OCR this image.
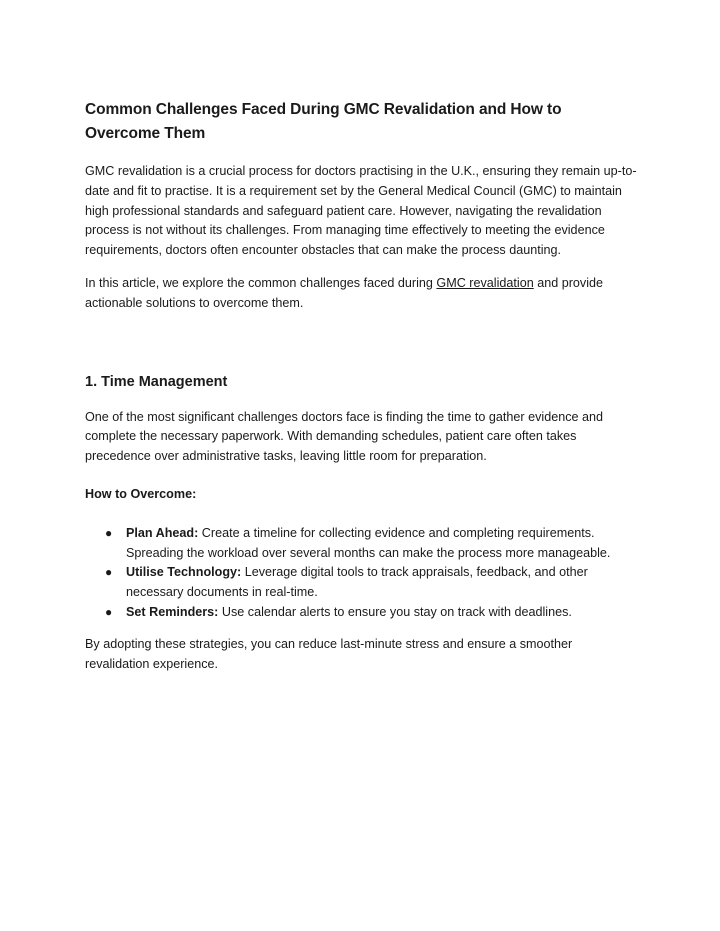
Common Challenges Faced During GMC Revalidation and How to Overcome Them

GMC revalidation is a crucial process for doctors practising in the U.K., ensuring they remain up-to-date and fit to practise. It is a requirement set by the General Medical Council (GMC) to maintain high professional standards and safeguard patient care. However, navigating the revalidation process is not without its challenges. From managing time effectively to meeting the evidence requirements, doctors often encounter obstacles that can make the process daunting.

In this article, we explore the common challenges faced during GMC revalidation and provide actionable solutions to overcome them.

1. Time Management

One of the most significant challenges doctors face is finding the time to gather evidence and complete the necessary paperwork. With demanding schedules, patient care often takes precedence over administrative tasks, leaving little room for preparation.

How to Overcome:

● Plan Ahead: Create a timeline for collecting evidence and completing requirements. Spreading the workload over several months can make the process more manageable.
● Utilise Technology: Leverage digital tools to track appraisals, feedback, and other necessary documents in real-time.
● Set Reminders: Use calendar alerts to ensure you stay on track with deadlines.

By adopting these strategies, you can reduce last-minute stress and ensure a smoother revalidation experience.
